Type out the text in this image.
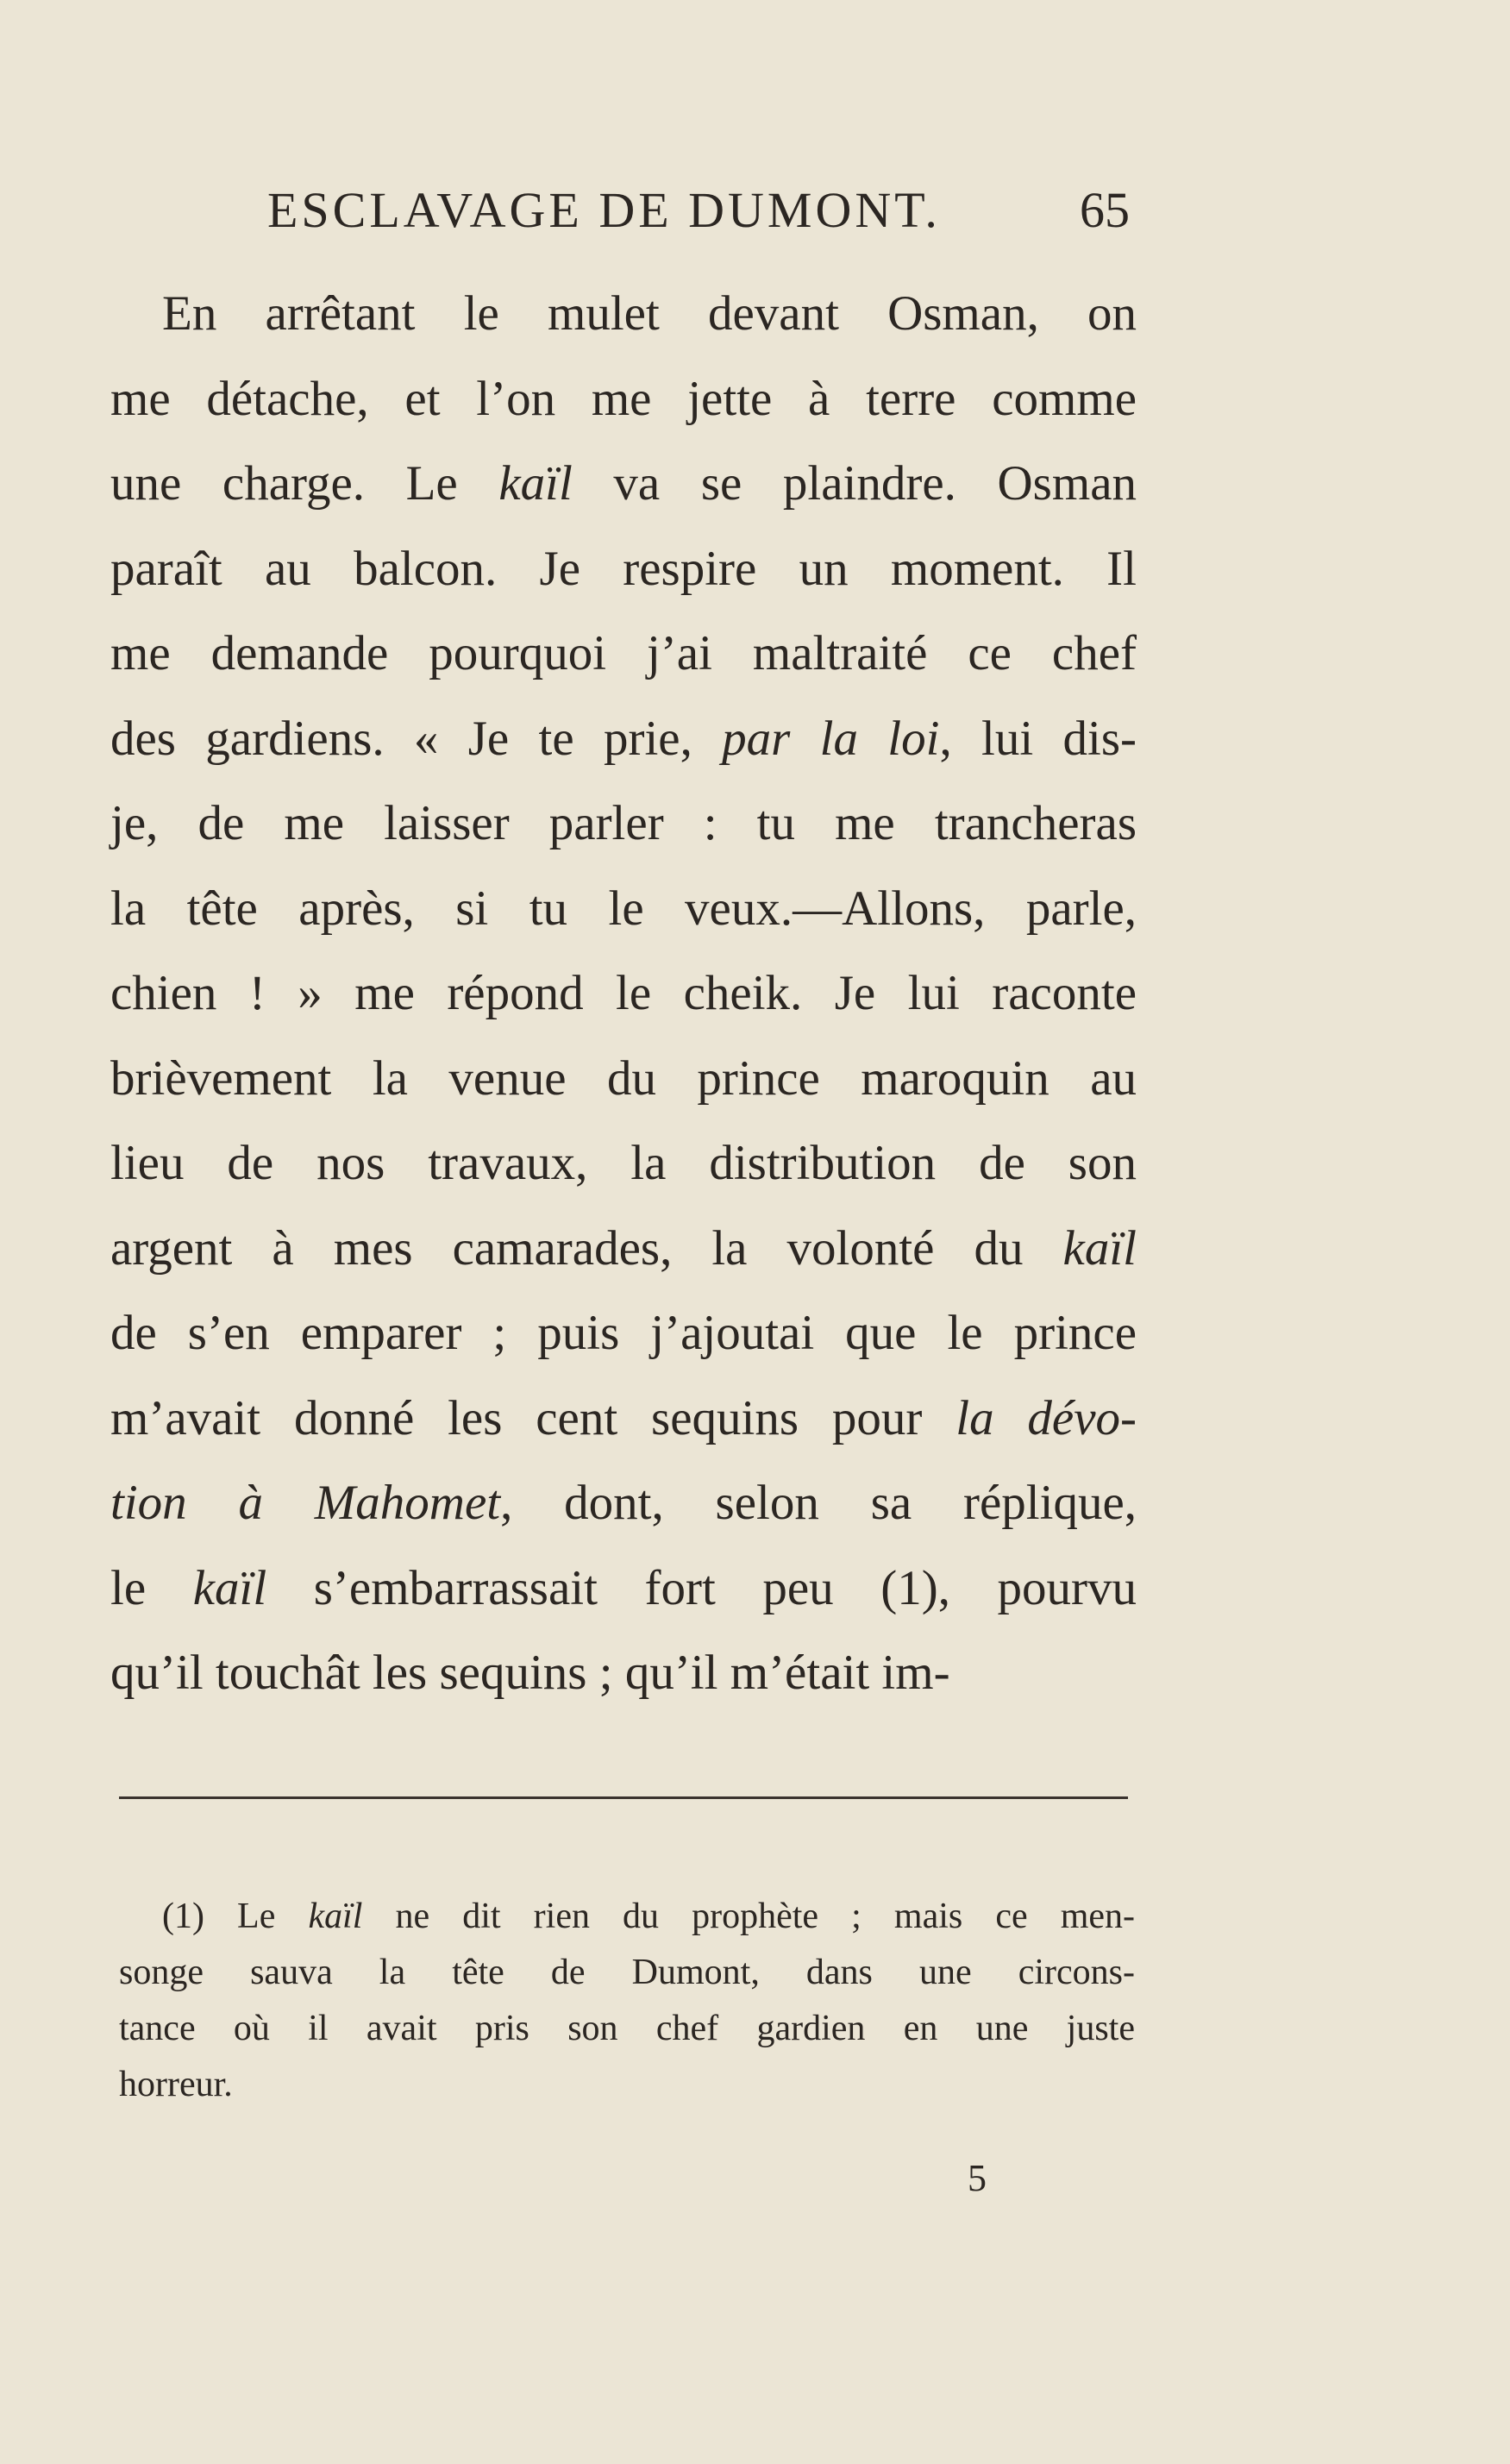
ESCLAVAGE DE DUMONT.	65
En arrêtant le mulet devant Osman, on
me détache, et l’on me jette à terre comme
une charge. Le kaïl va se plaindre. Osman
paraît au balcon. Je respire un moment. Il
me demande pourquoi j’ai maltraité ce chef
des gardiens. « Je te prie, par la loi, lui dis-
je, de me laisser parler : tu me trancheras
la tête après, si tu le veux.—Allons, parle,
chien ! » me répond le cheik. Je lui raconte
brièvement la venue du prince maroquin au
lieu de nos travaux, la distribution de son
argent à mes camarades, la volonté du kaïl
de s’en emparer ; puis j’ajoutai que le prince
m’avait donné les cent sequins pour la dévo-
tion à Mahomet, dont, selon sa réplique,
le kaïl s’embarrassait fort peu (1), pourvu
qu’il touchât les sequins ; qu’il m’était im-
(1) Le kaïl ne dit rien du prophète ; mais ce men-
songe sauva la tête de Dumont, dans une circons-
tance où il avait pris son chef gardien en une juste
horreur.
5
